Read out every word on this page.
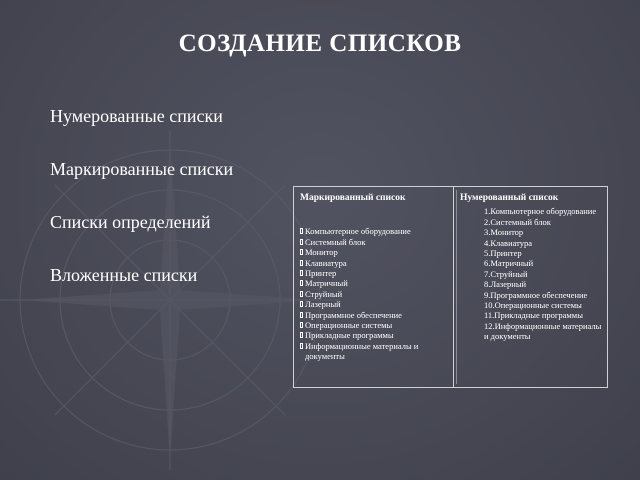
СОЗДАНИЕ СПИСКОВ
Нумерованные списки
Маркированные списки
Списки определений
Вложенные списки
Маркированный список
Компьютерное оборудование
Системный блок
Монитор
Клавиатура
Принтер
Матричный
Струйный
Лазерный
Программное обеспечение
Операционные системы
Прикладные программы
Информационные материалы и документы
Нумерованный список
1.Компьютерное оборудование
2.Системный блок
3.Монитор
4.Клавиатура
5.Принтер
6.Матричный
7.Струйный
8.Лазерный
9.Программное обеспечение
10.Операционные системы
11.Прикладные программы
12.Информационные материалы и документы
